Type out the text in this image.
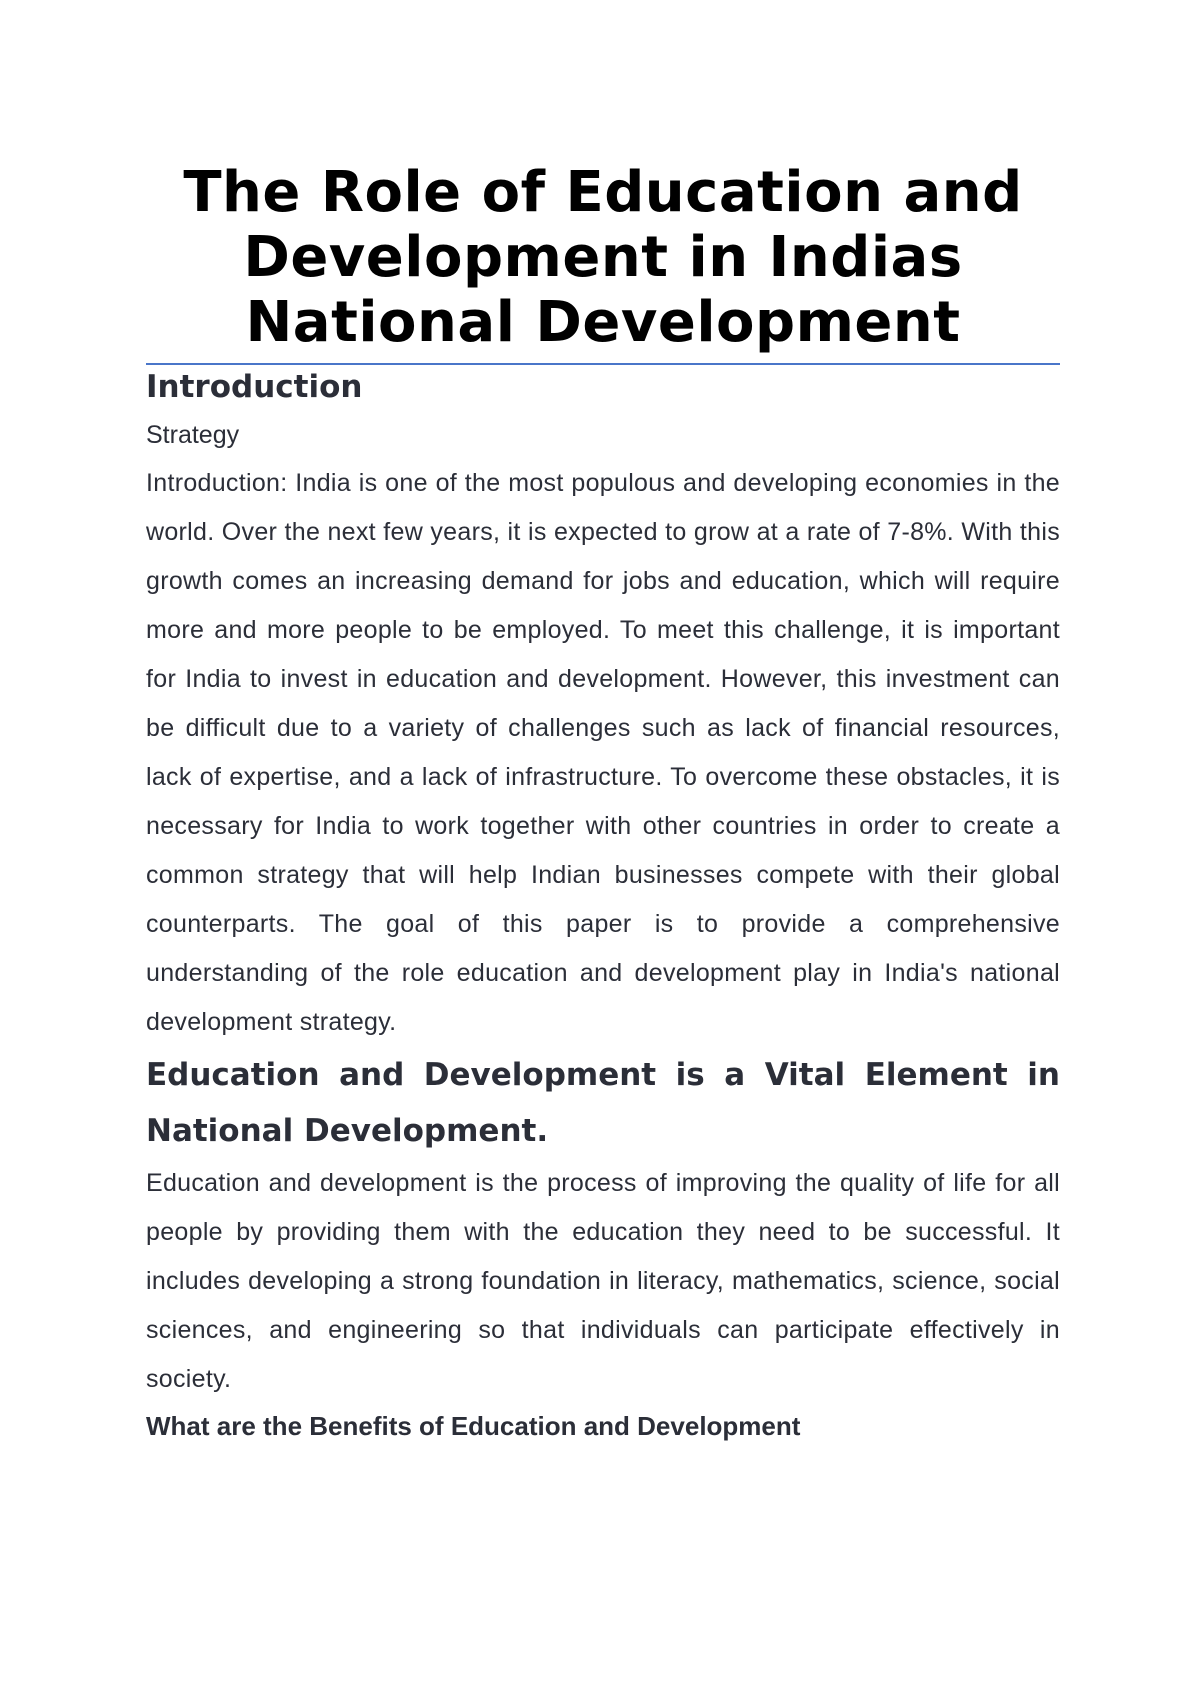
The Role of Education and Development in Indias National Development
Introduction

Strategy

Introduction: India is one of the most populous and developing economies in the world. Over the next few years, it is expected to grow at a rate of 7-8%. With this growth comes an increasing demand for jobs and education, which will require more and more people to be employed. To meet this challenge, it is important for India to invest in education and development. However, this investment can be difficult due to a variety of challenges such as lack of financial resources, lack of expertise, and a lack of infrastructure. To overcome these obstacles, it is necessary for India to work together with other countries in order to create a common strategy that will help Indian businesses compete with their global counterparts. The goal of this paper is to provide a comprehensive understanding of the role education and development play in India's national development strategy.

Education and Development is a Vital Element in National Development.

Education and development is the process of improving the quality of life for all people by providing them with the education they need to be successful. It includes developing a strong foundation in literacy, mathematics, science, social sciences, and engineering so that individuals can participate effectively in society.

What are the Benefits of Education and Development
